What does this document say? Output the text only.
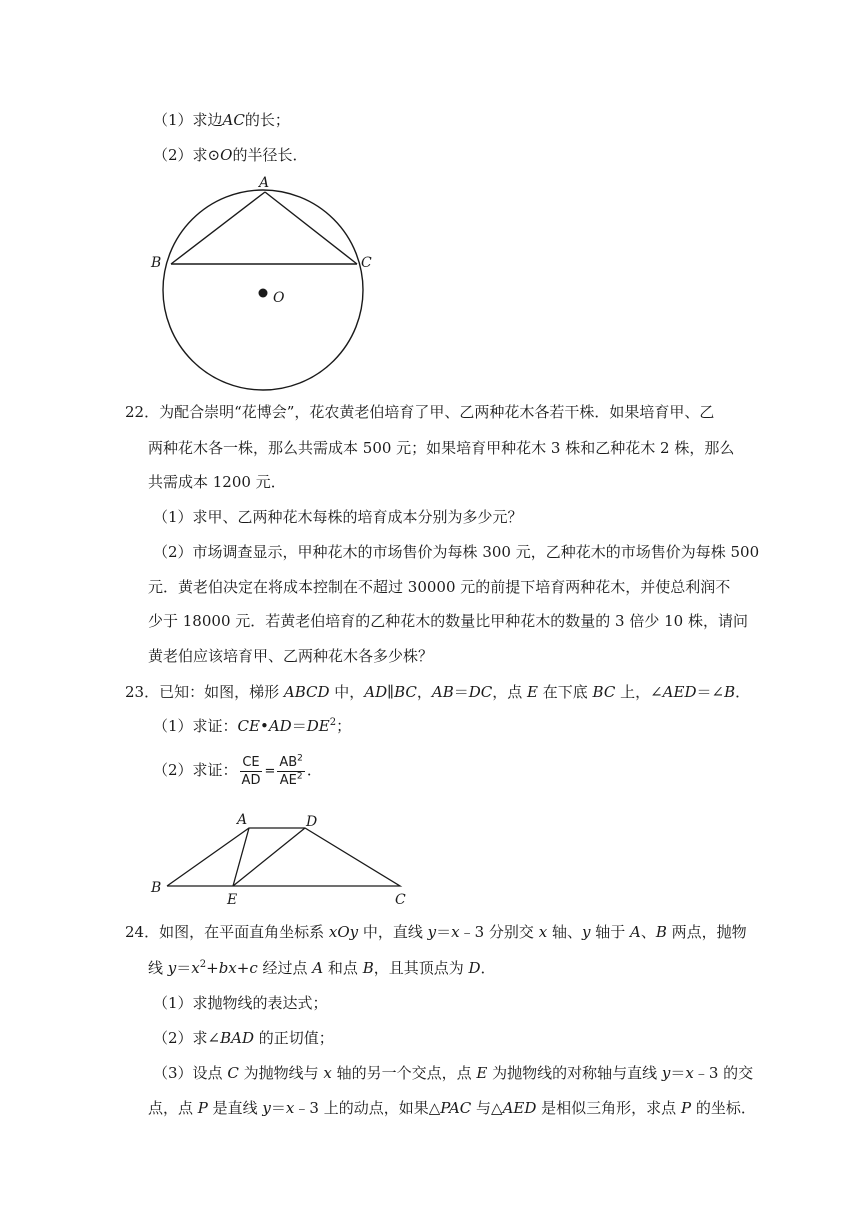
（1）求边AC的长；
（2）求⊙O的半径长．
A
B	C
O
22．为配合崇明“花博会”，花农黄老伯培育了甲、乙两种花木各若干株．如果培育甲、乙
两种花木各一株，那么共需成本 500 元；如果培育甲种花木 3 株和乙种花木 2 株，那么
共需成本 1200 元．
（1）求甲、乙两种花木每株的培育成本分别为多少元？
（2）市场调查显示，甲种花木的市场售价为每株 300 元，乙种花木的市场售价为每株 500
元．黄老伯决定在将成本控制在不超过 30000 元的前提下培育两种花木，并使总利润不
少于 18000 元．若黄老伯培育的乙种花木的数量比甲种花木的数量的 3 倍少 10 株，请问
黄老伯应该培育甲、乙两种花木各多少株？
23．已知：如图，梯形 ABCD 中，AD∥BC，AB＝DC，点 E 在下底 BC 上，∠AED＝∠B．
（1）求证：$CE•AD=DE^2$；
（2）求证： $\frac{CE}{AD} = \frac{AB^2}{AE^2}$ ．
A	D
B
E	C
24．如图，在平面直角坐标系 xOy 中，直线 y＝x﹣3 分别交 x 轴、y 轴于 A、B 两点，抛物
线 $y=x^2+bx+c$ 经过点 A 和点 B，且其顶点为 D．
（1）求抛物线的表达式；
（2）求∠BAD 的正切值；
（3）设点 C 为抛物线与 x 轴的另一个交点，点 E 为抛物线的对称轴与直线 y＝x﹣3 的交
点，点 P 是直线 y＝x﹣3 上的动点，如果△PAC 与△AED 是相似三角形，求点 P 的坐标．
